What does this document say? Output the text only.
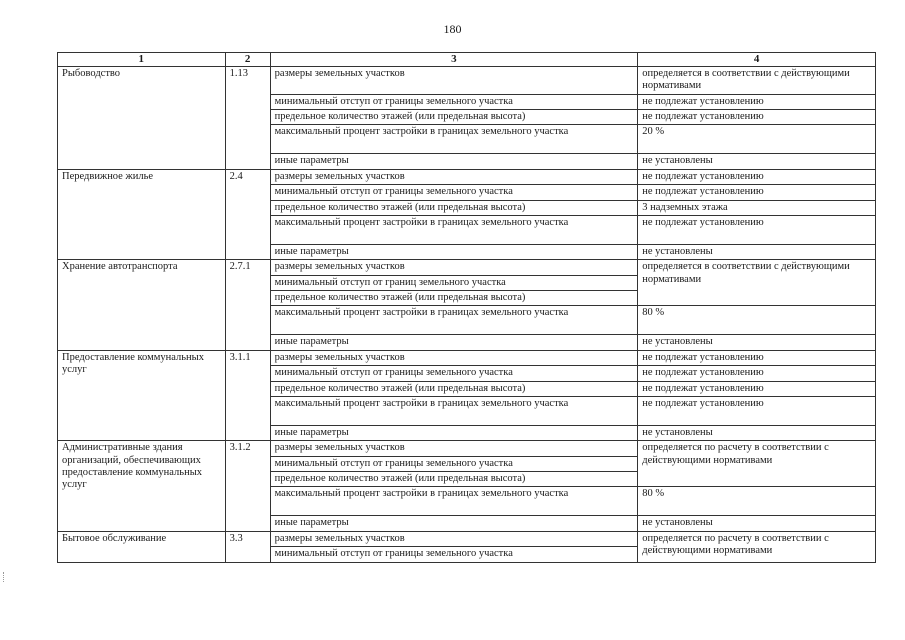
180
1	2	3	4
Рыбоводство	1.13	размеры земельных участков	определяется в соответствии с действующими нормативами
		минимальный отступ от границы земельного участка	не подлежат установлению
		предельное количество этажей (или предельная высота)	не подлежат установлению
		максимальный процент застройки в границах земельного участка	20 %
		иные параметры	не установлены
Передвижное жилье	2.4	размеры земельных участков	не подлежат установлению
		минимальный отступ от границы земельного участка	не подлежат установлению
		предельное количество этажей (или предельная высота)	3 надземных этажа
		максимальный процент застройки в границах земельного участка	не подлежат установлению
		иные параметры	не установлены
Хранение автотранспорта	2.7.1	размеры земельных участков	определяется в соответствии с действующими нормативами
		минимальный отступ от границ земельного участка	
		предельное количество этажей (или предельная высота)	
		максимальный процент застройки в границах земельного участка	80 %
		иные параметры	не установлены
Предоставление коммунальных услуг	3.1.1	размеры земельных участков	не подлежат установлению
		минимальный отступ от границы земельного участка	не подлежат установлению
		предельное количество этажей (или предельная высота)	не подлежат установлению
		максимальный процент застройки в границах земельного участка	не подлежат установлению
		иные параметры	не установлены
Административные здания организаций, обеспечивающих предоставление коммунальных услуг	3.1.2	размеры земельных участков	определяется по расчету в соответствии с действующими нормативами
		минимальный отступ от границы земельного участка	
		предельное количество этажей (или предельная высота)	
		максимальный процент застройки в границах земельного участка	80 %
		иные параметры	не установлены
Бытовое обслуживание	3.3	размеры земельных участков	определяется по расчету в соответствии с действующими нормативами
		минимальный отступ от границы земельного участка	
